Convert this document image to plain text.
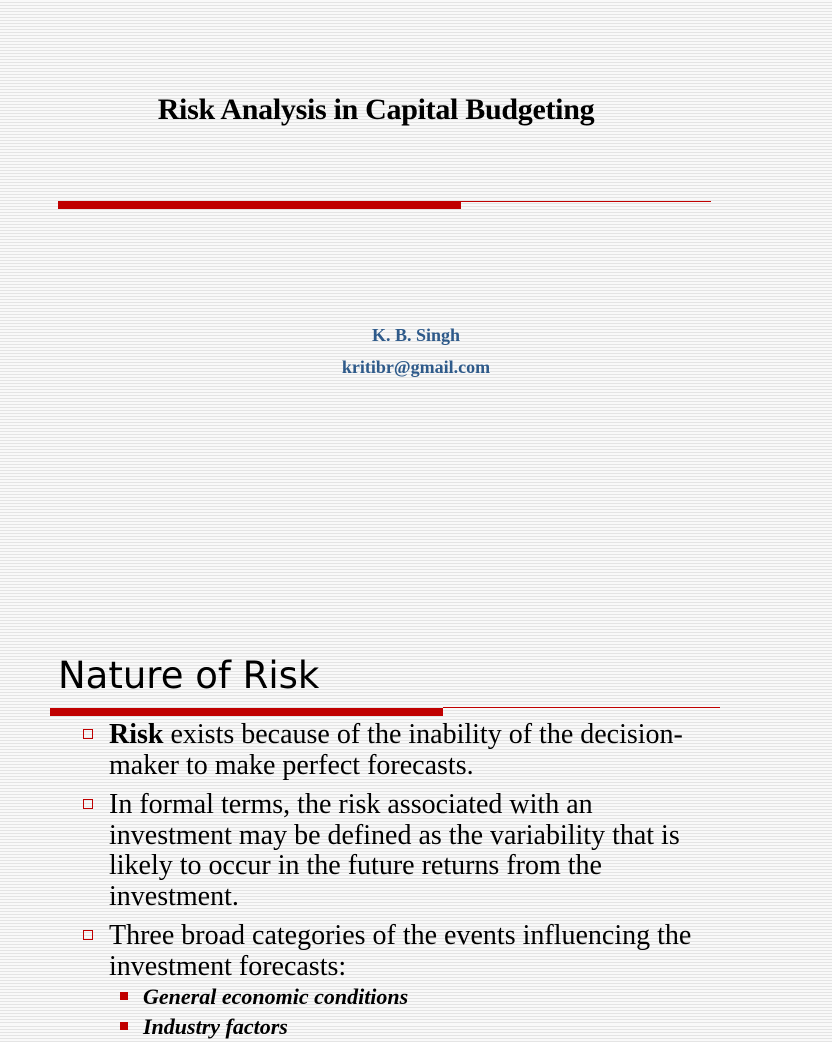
Risk Analysis in Capital Budgeting
K. B. Singh
kritibr@gmail.com
Nature of Risk
Risk exists because of the inability of the decision-maker to make perfect forecasts.
In formal terms, the risk associated with an investment may be defined as the variability that is likely to occur in the future returns from the investment.
Three broad categories of the events influencing the investment forecasts:
General economic conditions
Industry factors
